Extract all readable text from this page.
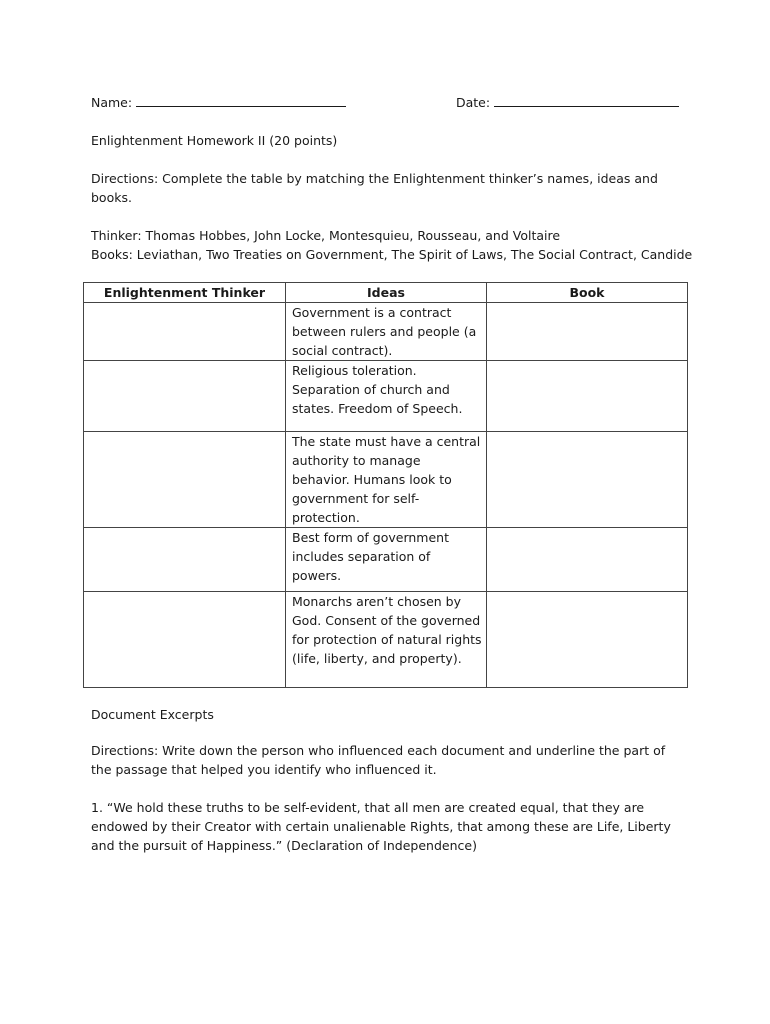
Name:	Date:
Enlightenment Homework II (20 points)
Directions: Complete the table by matching the Enlightenment thinker’s names, ideas and books.
Thinker: Thomas Hobbes, John Locke, Montesquieu, Rousseau, and Voltaire
Books: Leviathan, Two Treaties on Government, The Spirit of Laws, The Social Contract, Candide
Enlightenment Thinker	Ideas	Book
	Government is a contract between rulers and people (a social contract).	
	Religious toleration. Separation of church and states. Freedom of Speech.	
	The state must have a central authority to manage behavior. Humans look to government for self-protection.	
	Best form of government includes separation of powers.	
	Monarchs aren’t chosen by God. Consent of the governed for protection of natural rights (life, liberty, and property).	
Document Excerpts
Directions: Write down the person who influenced each document and underline the part of the passage that helped you identify who influenced it.
1. “We hold these truths to be self-evident, that all men are created equal, that they are endowed by their Creator with certain unalienable Rights, that among these are Life, Liberty and the pursuit of Happiness.” (Declaration of Independence)
